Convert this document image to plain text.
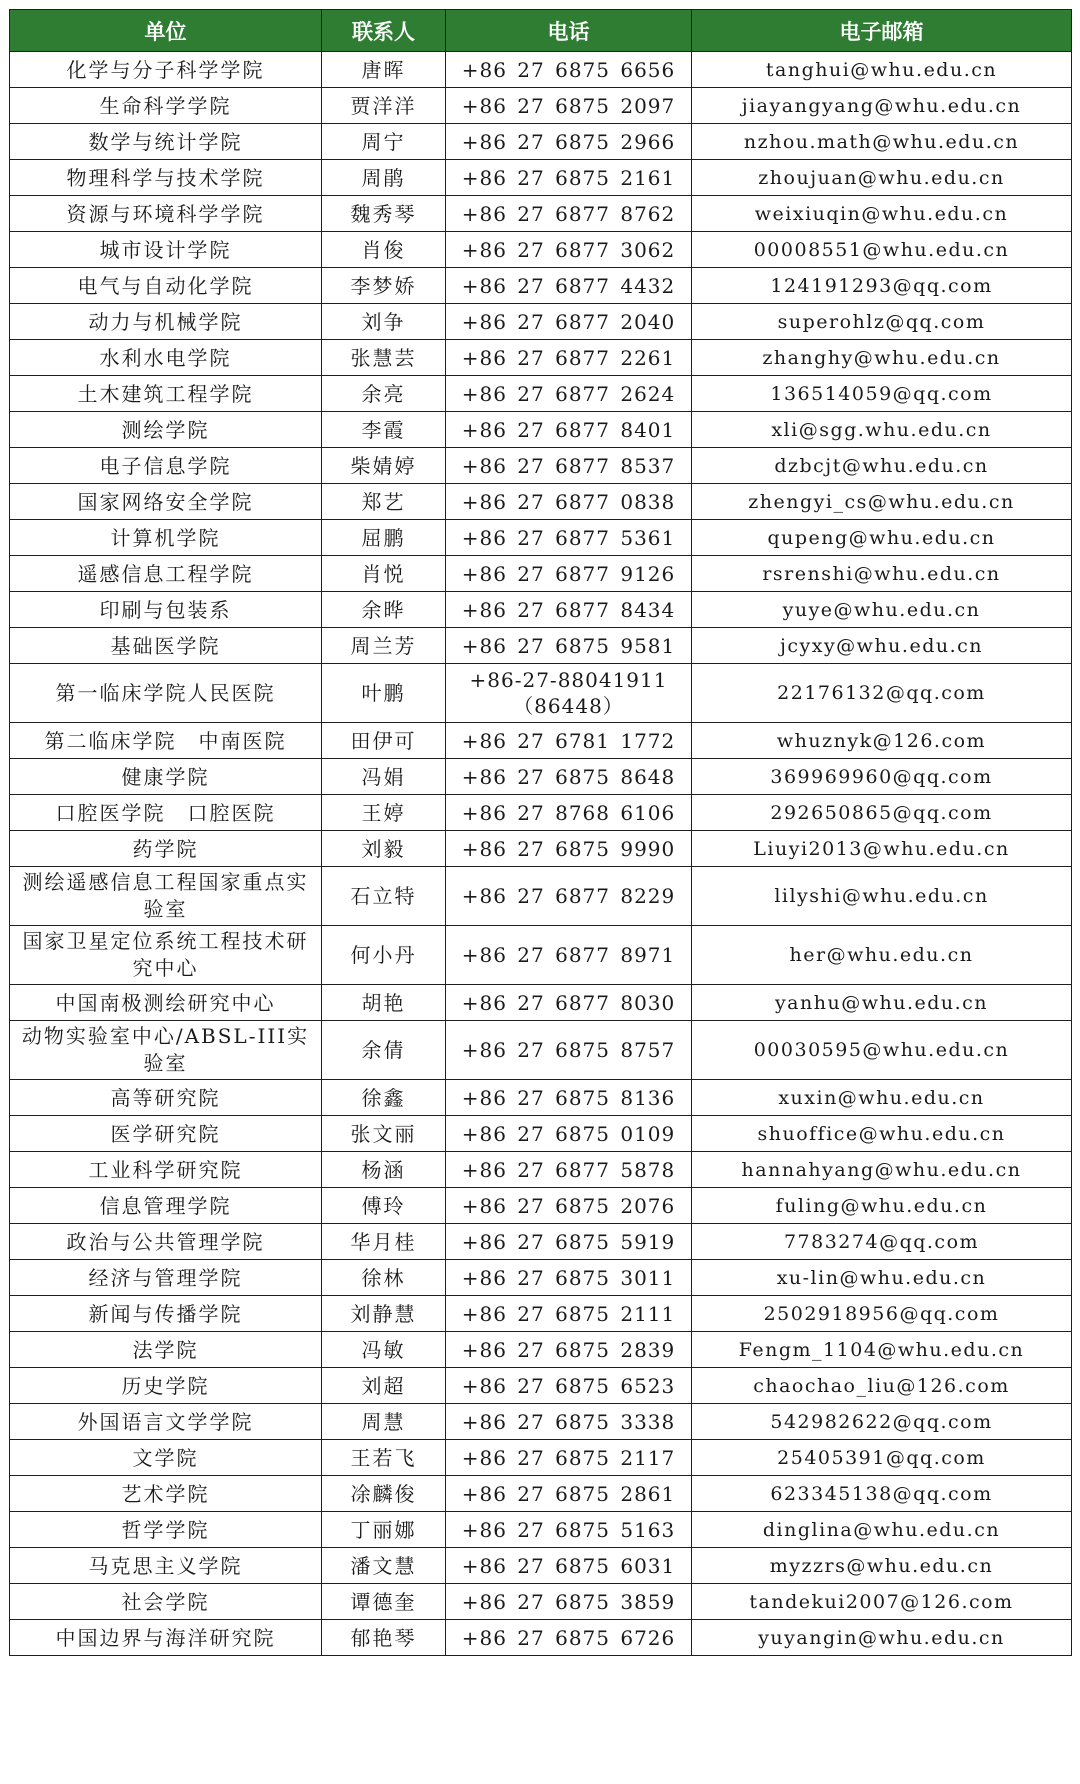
单位	联系人	电话	电子邮箱
化学与分子科学学院	唐晖	+86 27 6875 6656	tanghui@whu.edu.cn
生命科学学院	贾洋洋	+86 27 6875 2097	jiayangyang@whu.edu.cn
数学与统计学院	周宁	+86 27 6875 2966	nzhou.math@whu.edu.cn
物理科学与技术学院	周鹃	+86 27 6875 2161	zhoujuan@whu.edu.cn
资源与环境科学学院	魏秀琴	+86 27 6877 8762	weixiuqin@whu.edu.cn
城市设计学院	肖俊	+86 27 6877 3062	00008551@whu.edu.cn
电气与自动化学院	李梦娇	+86 27 6877 4432	124191293@qq.com
动力与机械学院	刘争	+86 27 6877 2040	superohlz@qq.com
水利水电学院	张慧芸	+86 27 6877 2261	zhanghy@whu.edu.cn
土木建筑工程学院	余亮	+86 27 6877 2624	136514059@qq.com
测绘学院	李霞	+86 27 6877 8401	xli@sgg.whu.edu.cn
电子信息学院	柴婧婷	+86 27 6877 8537	dzbcjt@whu.edu.cn
国家网络安全学院	郑艺	+86 27 6877 0838	zhengyi_cs@whu.edu.cn
计算机学院	屈鹏	+86 27 6877 5361	qupeng@whu.edu.cn
遥感信息工程学院	肖悦	+86 27 6877 9126	rsrenshi@whu.edu.cn
印刷与包装系	余晔	+86 27 6877 8434	yuye@whu.edu.cn
基础医学院	周兰芳	+86 27 6875 9581	jcyxy@whu.edu.cn
第一临床学院人民医院	叶鹏	+86-27-88041911（86448）	22176132@qq.com
第二临床学院　中南医院	田伊可	+86 27 6781 1772	whuznyk@126.com
健康学院	冯娟	+86 27 6875 8648	369969960@qq.com
口腔医学院　口腔医院	王婷	+86 27 8768 6106	292650865@qq.com
药学院	刘毅	+86 27 6875 9990	Liuyi2013@whu.edu.cn
测绘遥感信息工程国家重点实验室	石立特	+86 27 6877 8229	lilyshi@whu.edu.cn
国家卫星定位系统工程技术研究中心	何小丹	+86 27 6877 8971	her@whu.edu.cn
中国南极测绘研究中心	胡艳	+86 27 6877 8030	yanhu@whu.edu.cn
动物实验室中心/ABSL-III实验室	余倩	+86 27 6875 8757	00030595@whu.edu.cn
高等研究院	徐鑫	+86 27 6875 8136	xuxin@whu.edu.cn
医学研究院	张文丽	+86 27 6875 0109	shuoffice@whu.edu.cn
工业科学研究院	杨涵	+86 27 6877 5878	hannahyang@whu.edu.cn
信息管理学院	傅玲	+86 27 6875 2076	fuling@whu.edu.cn
政治与公共管理学院	华月桂	+86 27 6875 5919	7783274@qq.com
经济与管理学院	徐林	+86 27 6875 3011	xu-lin@whu.edu.cn
新闻与传播学院	刘静慧	+86 27 6875 2111	2502918956@qq.com
法学院	冯敏	+86 27 6875 2839	Fengm_1104@whu.edu.cn
历史学院	刘超	+86 27 6875 6523	chaochao_liu@126.com
外国语言文学学院	周慧	+86 27 6875 3338	542982622@qq.com
文学院	王若飞	+86 27 6875 2117	25405391@qq.com
艺术学院	凃麟俊	+86 27 6875 2861	623345138@qq.com
哲学学院	丁丽娜	+86 27 6875 5163	dinglina@whu.edu.cn
马克思主义学院	潘文慧	+86 27 6875 6031	myzzrs@whu.edu.cn
社会学院	谭德奎	+86 27 6875 3859	tandekui2007@126.com
中国边界与海洋研究院	郁艳琴	+86 27 6875 6726	yuyangin@whu.edu.cn
